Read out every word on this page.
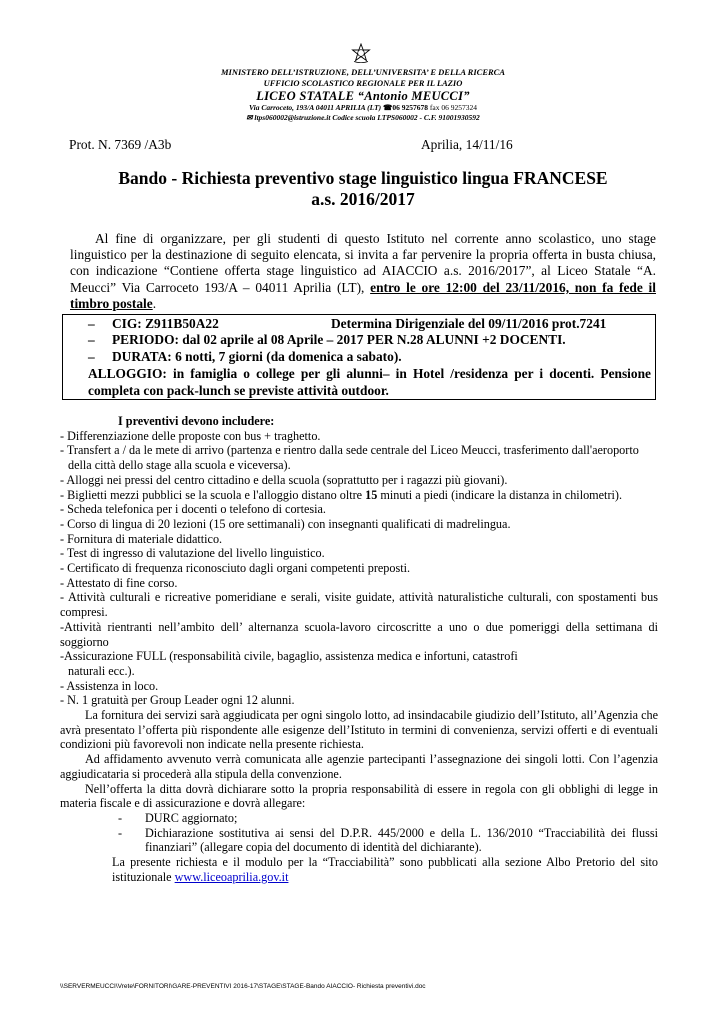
MINISTERO DELL’ISTRUZIONE, DELL’UNIVERSITA’ E DELLA RICERCA
UFFICIO SCOLASTICO REGIONALE PER IL LAZIO
LICEO STATALE “Antonio MEUCCI”
Via Carroceto, 193/A 04011 APRILIA (LT) ☎06 9257678 fax 06 9257324
✉ ltps060002@istruzione.it Codice scuola LTPS060002 - C.F. 91001930592
Prot. N. 7369 /A3b	Aprilia, 14/11/16
Bando - Richiesta preventivo stage linguistico lingua FRANCESE
a.s. 2016/2017
Al fine di organizzare, per gli studenti di questo Istituto nel corrente anno scolastico, uno stage linguistico per la destinazione di seguito elencata, si invita a far pervenire la propria offerta in busta chiusa, con indicazione “Contiene offerta stage linguistico ad AIACCIO a.s. 2016/2017”, al Liceo Statale “A. Meucci” Via Carroceto 193/A – 04011 Aprilia (LT), entro le ore 12:00 del 23/11/2016, non fa fede il timbro postale.
– CIG: Z911B50A22	Determina Dirigenziale del 09/11/2016 prot.7241
– PERIODO: dal 02 aprile al 08 Aprile – 2017 PER N.28 ALUNNI +2 DOCENTI.
– DURATA: 6 notti, 7 giorni (da domenica a sabato).
ALLOGGIO: in famiglia o college per gli alunni– in Hotel /residenza per i docenti. Pensione completa con pack-lunch se previste attività outdoor.

I preventivi devono includere:

- Differenziazione delle proposte con bus + traghetto.

- Transfert a / da le mete di arrivo (partenza e rientro dalla sede centrale del Liceo Meucci, trasferimento dall'aeroporto

della città dello stage alla scuola e viceversa).

- Alloggi nei pressi del centro cittadino e della scuola (soprattutto per i ragazzi più giovani).

- Biglietti mezzi pubblici se la scuola e l'alloggio distano oltre 15 minuti a piedi (indicare la distanza in chilometri).

- Scheda telefonica per i docenti o telefono di cortesia.

- Corso di lingua di 20 lezioni (15 ore settimanali) con insegnanti qualificati di madrelingua.

- Fornitura di materiale didattico.

- Test di ingresso di valutazione del livello linguistico.

- Certificato di frequenza riconosciuto dagli organi competenti preposti.

- Attestato di fine corso.

- Attività culturali e ricreative pomeridiane e serali, visite guidate, attività naturalistiche culturali, con spostamenti bus compresi.

-Attività rientranti nell’ambito dell’ alternanza scuola-lavoro circoscritte a uno o due pomeriggi della settimana di soggiorno

-Assicurazione FULL (responsabilità civile, bagaglio, assistenza medica e infortuni, catastrofi

naturali ecc.).

- Assistenza in loco.

- N. 1 gratuità per Group Leader ogni 12 alunni.

La fornitura dei servizi sarà aggiudicata per ogni singolo lotto, ad insindacabile giudizio dell’Istituto, all’Agenzia che avrà presentato l’offerta più rispondente alle esigenze dell’Istituto in termini di convenienza, servizi offerti e di eventuali condizioni più favorevoli non indicate nella presente richiesta.

Ad affidamento avvenuto verrà comunicata alle agenzie partecipanti l’assegnazione dei singoli lotti. Con l’agenzia aggiudicataria si procederà alla stipula della convenzione.

Nell’offerta la ditta dovrà dichiarare sotto la propria responsabilità di essere in regola con gli obblighi di legge in materia fiscale e di assicurazione e dovrà allegare:

-	DURC aggiornato;
-	Dichiarazione sostitutiva ai sensi del D.P.R. 445/2000 e della L. 136/2010 “Tracciabilità dei flussi finanziari” (allegare copia del documento di identità del dichiarante).

La presente richiesta e il modulo per la “Tracciabilità” sono pubblicati alla sezione Albo Pretorio del sito istituzionale www.liceoaprilia.gov.it

\\SERVERMEUCCI\Vrete\FORNITORI\GARE-PREVENTIVI 2016-17\STAGE\STAGE-Bando AIACCIO- Richiesta preventivi.doc
